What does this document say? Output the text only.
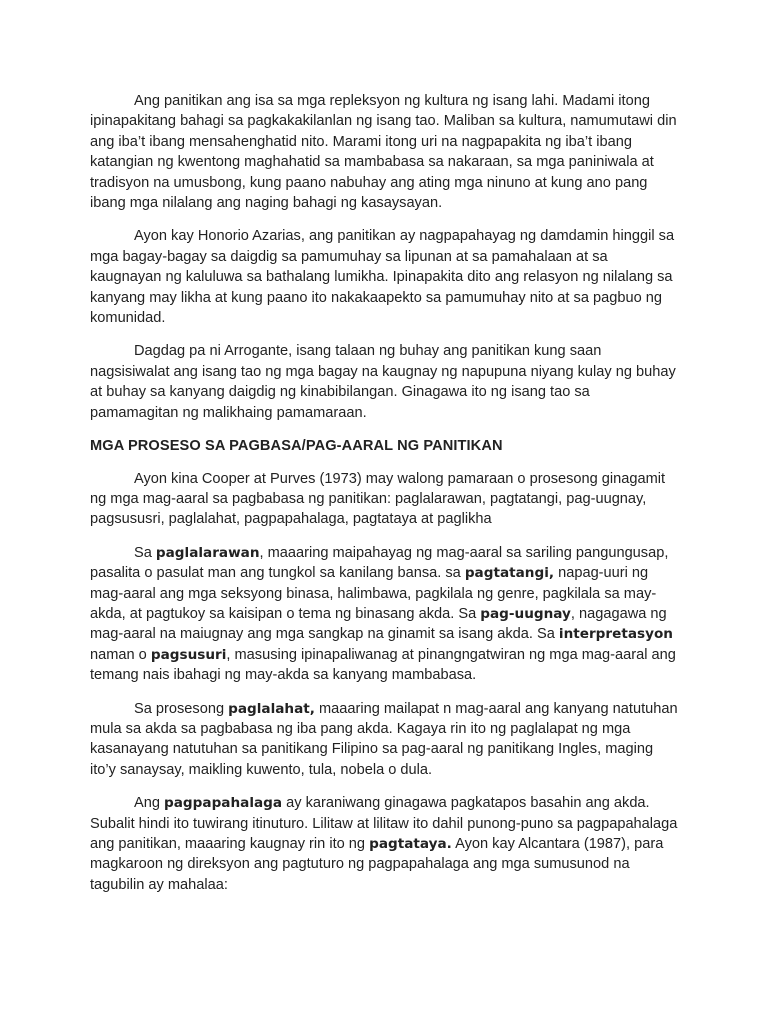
Ang panitikan ang isa sa mga repleksyon ng kultura ng isang lahi. Madami itong ipinapakitang bahagi sa pagkakakilanlan ng isang tao. Maliban sa kultura, namumutawi din ang iba’t ibang mensahenghatid nito. Marami itong uri na nagpapakita ng iba’t ibang katangian ng kwentong maghahatid sa mambabasa sa nakaraan, sa mga paniniwala at tradisyon na umusbong, kung paano nabuhay ang ating mga ninuno at kung ano pang ibang mga nilalang ang naging bahagi ng kasaysayan.

Ayon kay Honorio Azarias, ang panitikan ay nagpapahayag ng damdamin hinggil sa mga bagay-bagay sa daigdig sa pamumuhay sa lipunan at sa pamahalaan at sa kaugnayan ng kaluluwa sa bathalang lumikha. Ipinapakita dito ang relasyon ng nilalang sa kanyang may likha at kung paano ito nakakaapekto sa pamumuhay nito at sa pagbuo ng komunidad.

Dagdag pa ni Arrogante, isang talaan ng buhay ang panitikan kung saan nagsisiwalat ang isang tao ng mga bagay na kaugnay ng napupuna niyang kulay ng buhay at buhay sa kanyang daigdig ng kinabibilangan. Ginagawa ito ng isang tao sa pamamagitan ng malikhaing pamamaraan.

MGA PROSESO SA PAGBASA/PAG-AARAL NG PANITIKAN

Ayon kina Cooper at Purves (1973) may walong pamaraan o prosesong ginagamit ng mga mag-aaral sa pagbabasa ng panitikan: paglalarawan, pagtatangi, pag-uugnay, pagsususri, paglalahat, pagpapahalaga, pagtataya at paglikha

Sa paglalarawan, maaaring maipahayag ng mag-aaral sa sariling pangungusap, pasalita o pasulat man ang tungkol sa kanilang bansa. sa pagtatangi, napag-uuri ng mag-aaral ang mga seksyong binasa, halimbawa, pagkilala ng genre, pagkilala sa may-akda, at pagtukoy sa kaisipan o tema ng binasang akda. Sa pag-uugnay, nagagawa ng mag-aaral na maiugnay ang mga sangkap na ginamit sa isang akda. Sa interpretasyon naman o pagsusuri, masusing ipinapaliwanag at pinangngatwiran ng mga mag-aaral ang temang nais ibahagi ng may-akda sa kanyang mambabasa.

Sa prosesong paglalahat, maaaring mailapat n mag-aaral ang kanyang natutuhan mula sa akda sa pagbabasa ng iba pang akda. Kagaya rin ito ng paglalapat ng mga kasanayang natutuhan sa panitikang Filipino sa pag-aaral ng panitikang Ingles, maging ito’y sanaysay, maikling kuwento, tula, nobela o dula.

Ang pagpapahalaga ay karaniwang ginagawa pagkatapos basahin ang akda. Subalit hindi ito tuwirang itinuturo. Lilitaw at lilitaw ito dahil punong-puno sa pagpapahalaga ang panitikan, maaaring kaugnay rin ito ng pagtataya. Ayon kay Alcantara (1987), para magkaroon ng direksyon ang pagtuturo ng pagpapahalaga ang mga sumusunod na tagubilin ay mahalaa:
